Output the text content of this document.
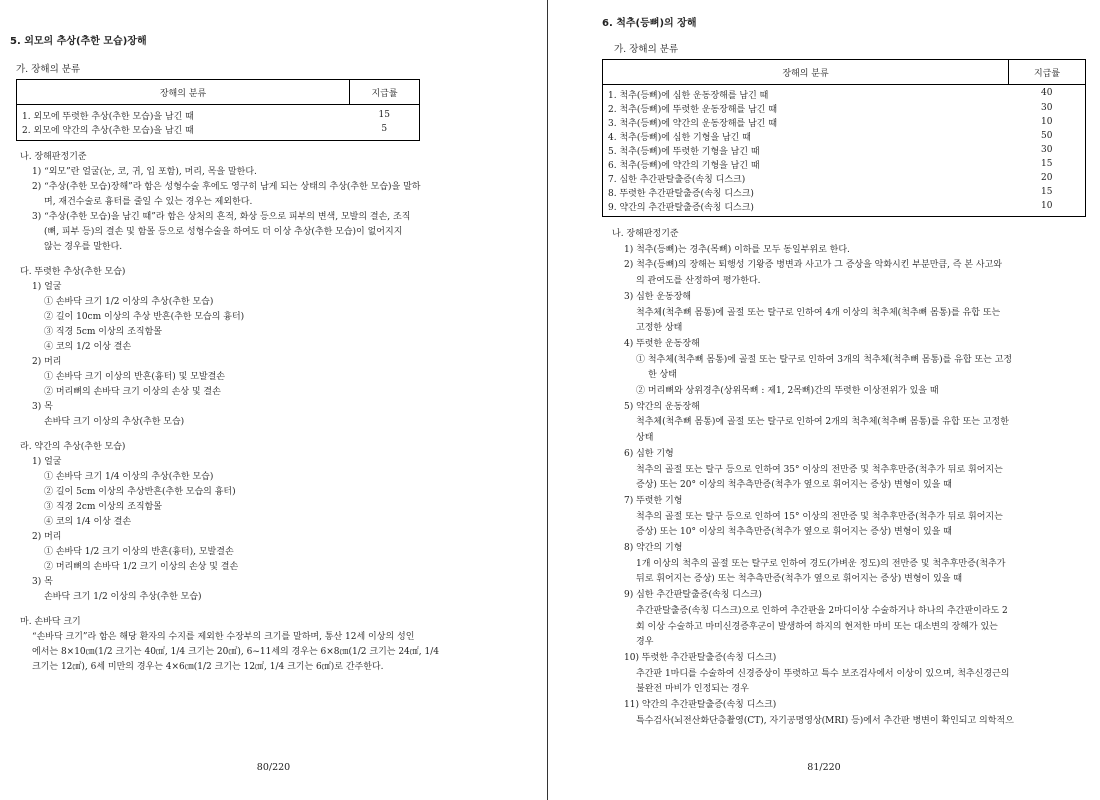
5. 외모의 추상(추한 모습)장해
가. 장해의 분류
장해의 분류	지급률
1. 외모에 뚜렷한 추상(추한 모습)을 남긴 때	15
2. 외모에 약간의 추상(추한 모습)을 남긴 때	5
나. 장해판정기준
1) “외모”란 얼굴(눈, 코, 귀, 입 포함), 머리, 목을 말한다.
2) “추상(추한 모습)장해”라 함은 성형수술 후에도 영구히 남게 되는 상태의 추상(추한 모습)을 말하
며, 재건수술로 흉터를 줄일 수 있는 경우는 제외한다.
3) “추상(추한 모습)을 남긴 때”라 함은 상처의 흔적, 화상 등으로 피부의 변색, 모발의 결손, 조직
(뼈, 피부 등)의 결손 및 함몰 등으로 성형수술을 하여도 더 이상 추상(추한 모습)이 없어지지
않는 경우를 말한다.
다. 뚜렷한 추상(추한 모습)
1) 얼굴
① 손바닥 크기 1/2 이상의 추상(추한 모습)
② 길이 10cm 이상의 추상 반흔(추한 모습의 흉터)
③ 직경 5cm 이상의 조직함몰
④ 코의 1/2 이상 결손
2) 머리
① 손바닥 크기 이상의 반흔(흉터) 및 모발결손
② 머리뼈의 손바닥 크기 이상의 손상 및 결손
3) 목
손바닥 크기 이상의 추상(추한 모습)
라. 약간의 추상(추한 모습)
1) 얼굴
① 손바닥 크기 1/4 이상의 추상(추한 모습)
② 길이 5cm 이상의 추상반흔(추한 모습의 흉터)
③ 직경 2cm 이상의 조직함몰
④ 코의 1/4 이상 결손
2) 머리
① 손바닥 1/2 크기 이상의 반흔(흉터), 모발결손
② 머리뼈의 손바닥 1/2 크기 이상의 손상 및 결손
3) 목
손바닥 크기 1/2 이상의 추상(추한 모습)
마. 손바닥 크기
“손바닥 크기”라 함은 해당 환자의 수지를 제외한 수장부의 크기를 말하며, 통산 12세 이상의 성인
에서는 8×10㎝(1/2 크기는 40㎠, 1/4 크기는 20㎠), 6~11세의 경우는 6×8㎝(1/2 크기는 24㎠, 1/4
크기는 12㎠), 6세 미만의 경우는 4×6㎝(1/2 크기는 12㎠, 1/4 크기는 6㎠)로 간주한다.
80/220
6. 척추(등뼈)의 장해
가. 장해의 분류
장해의 분류	지급률
1. 척추(등뼈)에 심한 운동장해를 남긴 때	40
2. 척추(등뼈)에 뚜렷한 운동장해를 남긴 때	30
3. 척추(등뼈)에 약간의 운동장해를 남긴 때	10
4. 척추(등뼈)에 심한 기형을 남긴 때	50
5. 척추(등뼈)에 뚜렷한 기형을 남긴 때	30
6. 척추(등뼈)에 약간의 기형을 남긴 때	15
7. 심한 추간판탈출증(속칭 디스크)	20
8. 뚜렷한 추간판탈출증(속칭 디스크)	15
9. 약간의 추간판탈출증(속칭 디스크)	10
나. 장해판정기준
1) 척추(등뼈)는 경추(목뼈) 이하를 모두 동일부위로 한다.
2) 척추(등뼈)의 장해는 퇴행성 기왕증 병변과 사고가 그 증상을 악화시킨 부분만큼, 즉 본 사고와
의 관여도를 산정하여 평가한다.
3) 심한 운동장해
척추체(척추뼈 몸통)에 골절 또는 탈구로 인하여 4개 이상의 척추체(척추뼈 몸통)를 유합 또는
고정한 상태
4) 뚜렷한 운동장해
① 척추체(척추뼈 몸통)에 골절 또는 탈구로 인하여 3개의 척추체(척추뼈 몸통)를 유합 또는 고정
한 상태
② 머리뼈와 상위경추(상위목뼈 : 제1, 2목뼈)간의 뚜렷한 이상전위가 있을 때
5) 약간의 운동장해
척추체(척추뼈 몸통)에 골절 또는 탈구로 인하여 2개의 척추체(척추뼈 몸통)를 유합 또는 고정한
상태
6) 심한 기형
척추의 골절 또는 탈구 등으로 인하여 35° 이상의 전만증 및 척추후만증(척추가 뒤로 휘어지는
증상) 또는 20° 이상의 척추측만증(척추가 옆으로 휘어지는 증상) 변형이 있을 때
7) 뚜렷한 기형
척추의 골절 또는 탈구 등으로 인하여 15° 이상의 전만증 및 척추후만증(척추가 뒤로 휘어지는
증상) 또는 10° 이상의 척추측만증(척추가 옆으로 휘어지는 증상) 변형이 있을 때
8) 약간의 기형
1개 이상의 척추의 골절 또는 탈구로 인하여 경도(가벼운 정도)의 전만증 및 척추후만증(척추가
뒤로 휘어지는 증상) 또는 척추측만증(척추가 옆으로 휘어지는 증상) 변형이 있을 때
9) 심한 추간판탈출증(속칭 디스크)
추간판탈출증(속칭 디스크)으로 인하여 추간판을 2마디이상 수술하거나 하나의 추간판이라도 2
회 이상 수술하고 마미신경증후군이 발생하여 하지의 현저한 마비 또는 대소변의 장해가 있는
경우
10) 뚜렷한 추간판탈출증(속칭 디스크)
추간판 1마디를 수술하여 신경증상이 뚜렷하고 특수 보조검사에서 이상이 있으며, 척추신경근의
불완전 마비가 인정되는 경우
11) 약간의 추간판탈출증(속칭 디스크)
특수검사(뇌전산화단층촬영(CT), 자기공명영상(MRI) 등)에서 추간판 병변이 확인되고 의학적으
81/220
